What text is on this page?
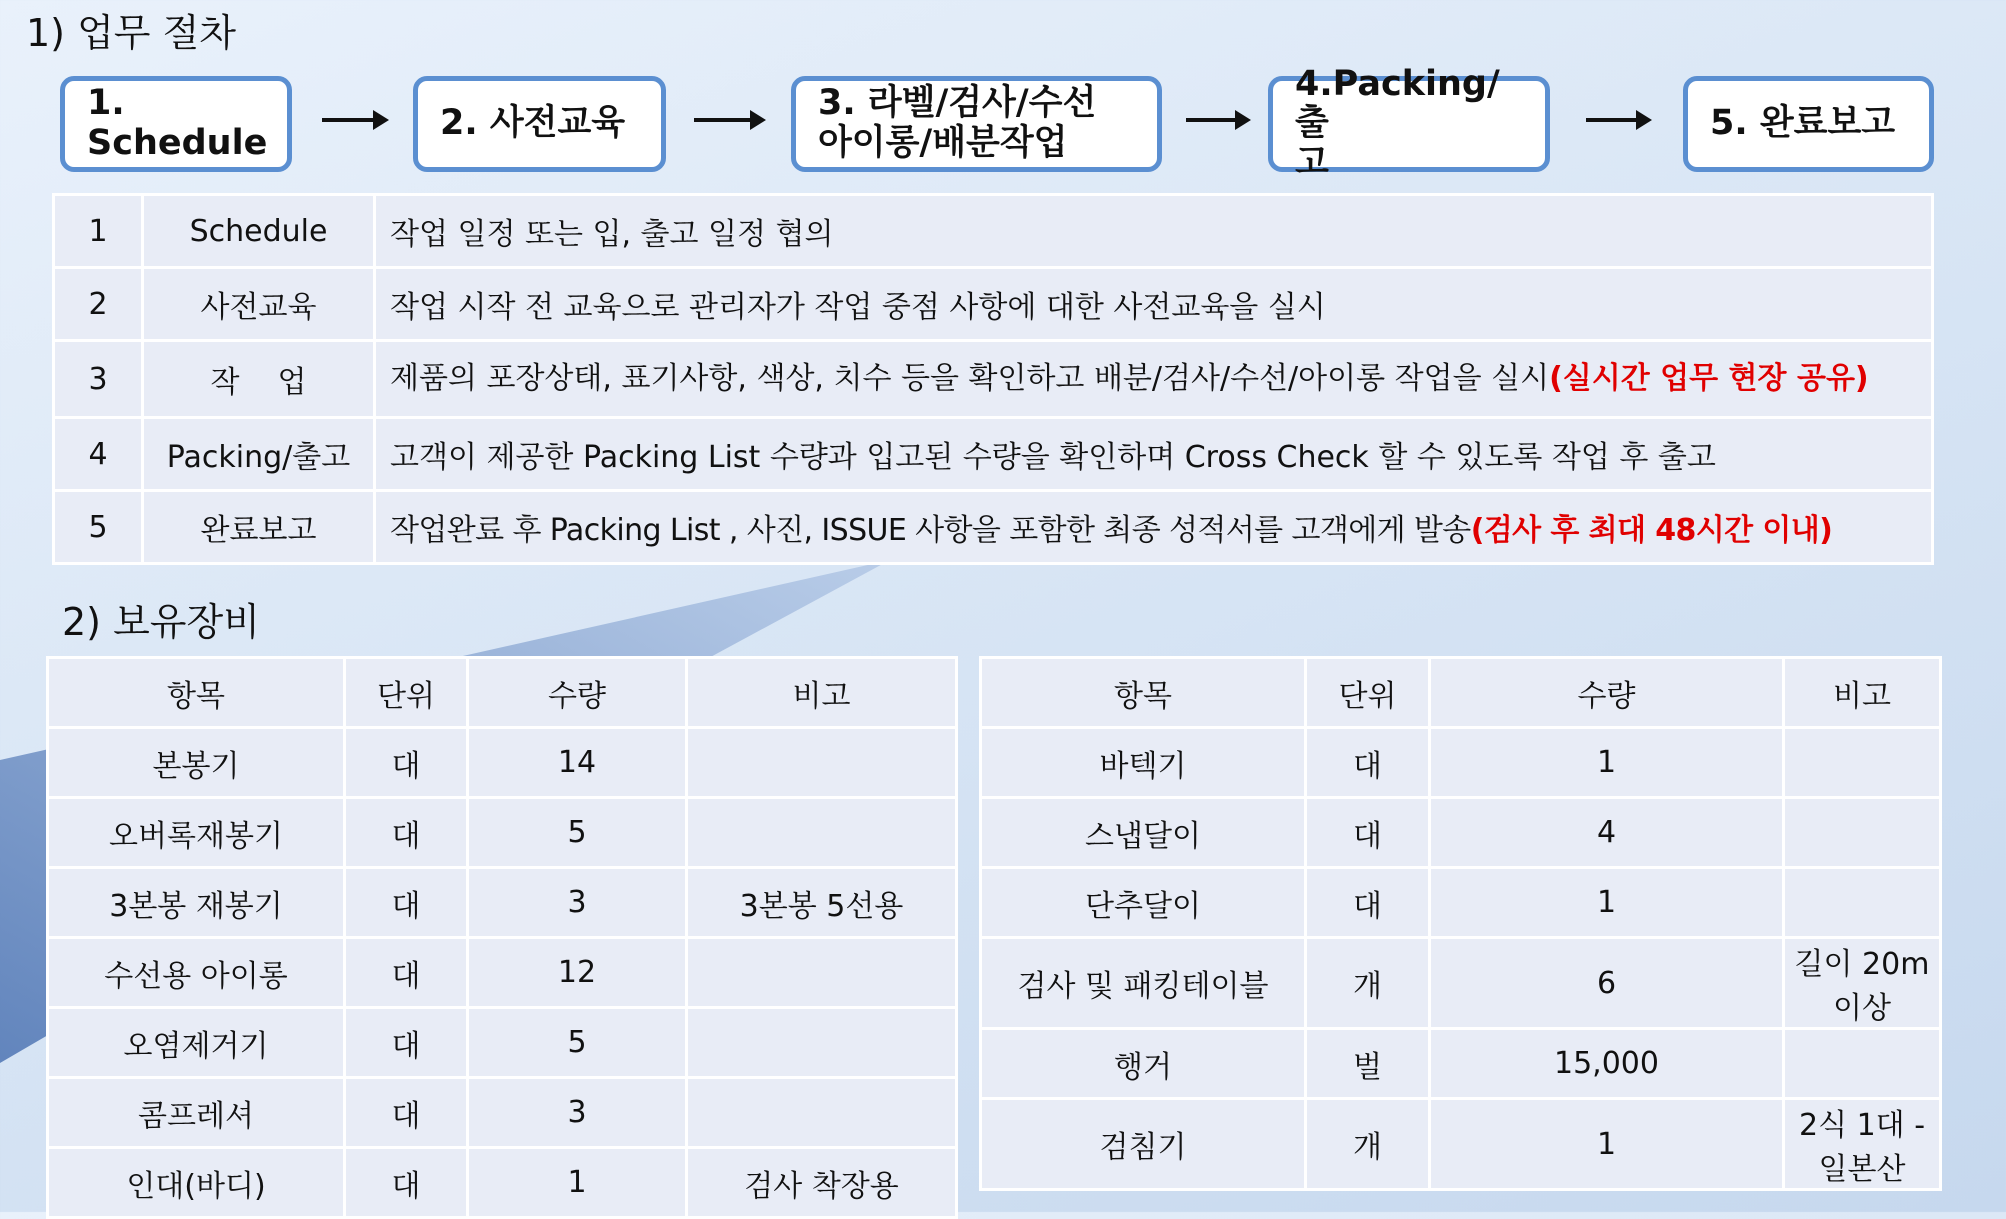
1) 업무 절차
1.
Schedule	2. 사전교육	3. 라벨/검사/수선
아이롱/배분작업
4.Packing/출
고
5. 완료보고
1	Schedule	작업 일정 또는 입, 출고 일정 협의
2	사전교육	작업 시작 전 교육으로 관리자가 작업 중점 사항에 대한 사전교육을 실시
3	작    업	제품의 포장상태, 표기사항, 색상, 치수 등을 확인하고 배분/검사/수선/아이롱 작업을 실시(실시간 업무 현장 공유)
4	Packing/출고	고객이 제공한 Packing List 수량과 입고된 수량을 확인하며 Cross Check 할 수 있도록 작업 후 출고
5	완료보고	작업완료 후 Packing List , 사진, ISSUE 사항을 포함한 최종 성적서를 고객에게 발송(검사 후 최대 48시간 이내)
2) 보유장비
항목	단위	수량	비고
본봉기	대	14	
오버록재봉기	대	5	
3본봉 재봉기	대	3	3본봉 5선용
수선용 아이롱	대	12	
오염제거기	대	5	
콤프레셔	대	3	
인대(바디)	대	1	검사 착장용
항목	단위	수량	비고
바텍기	대	1	
스냅달이	대	4	
단추달이	대	1	
검사 및 패킹테이블	개	6	길이 20m 이상
행거	벌	15,000	
검침기	개	1	2식 1대 - 일본산
